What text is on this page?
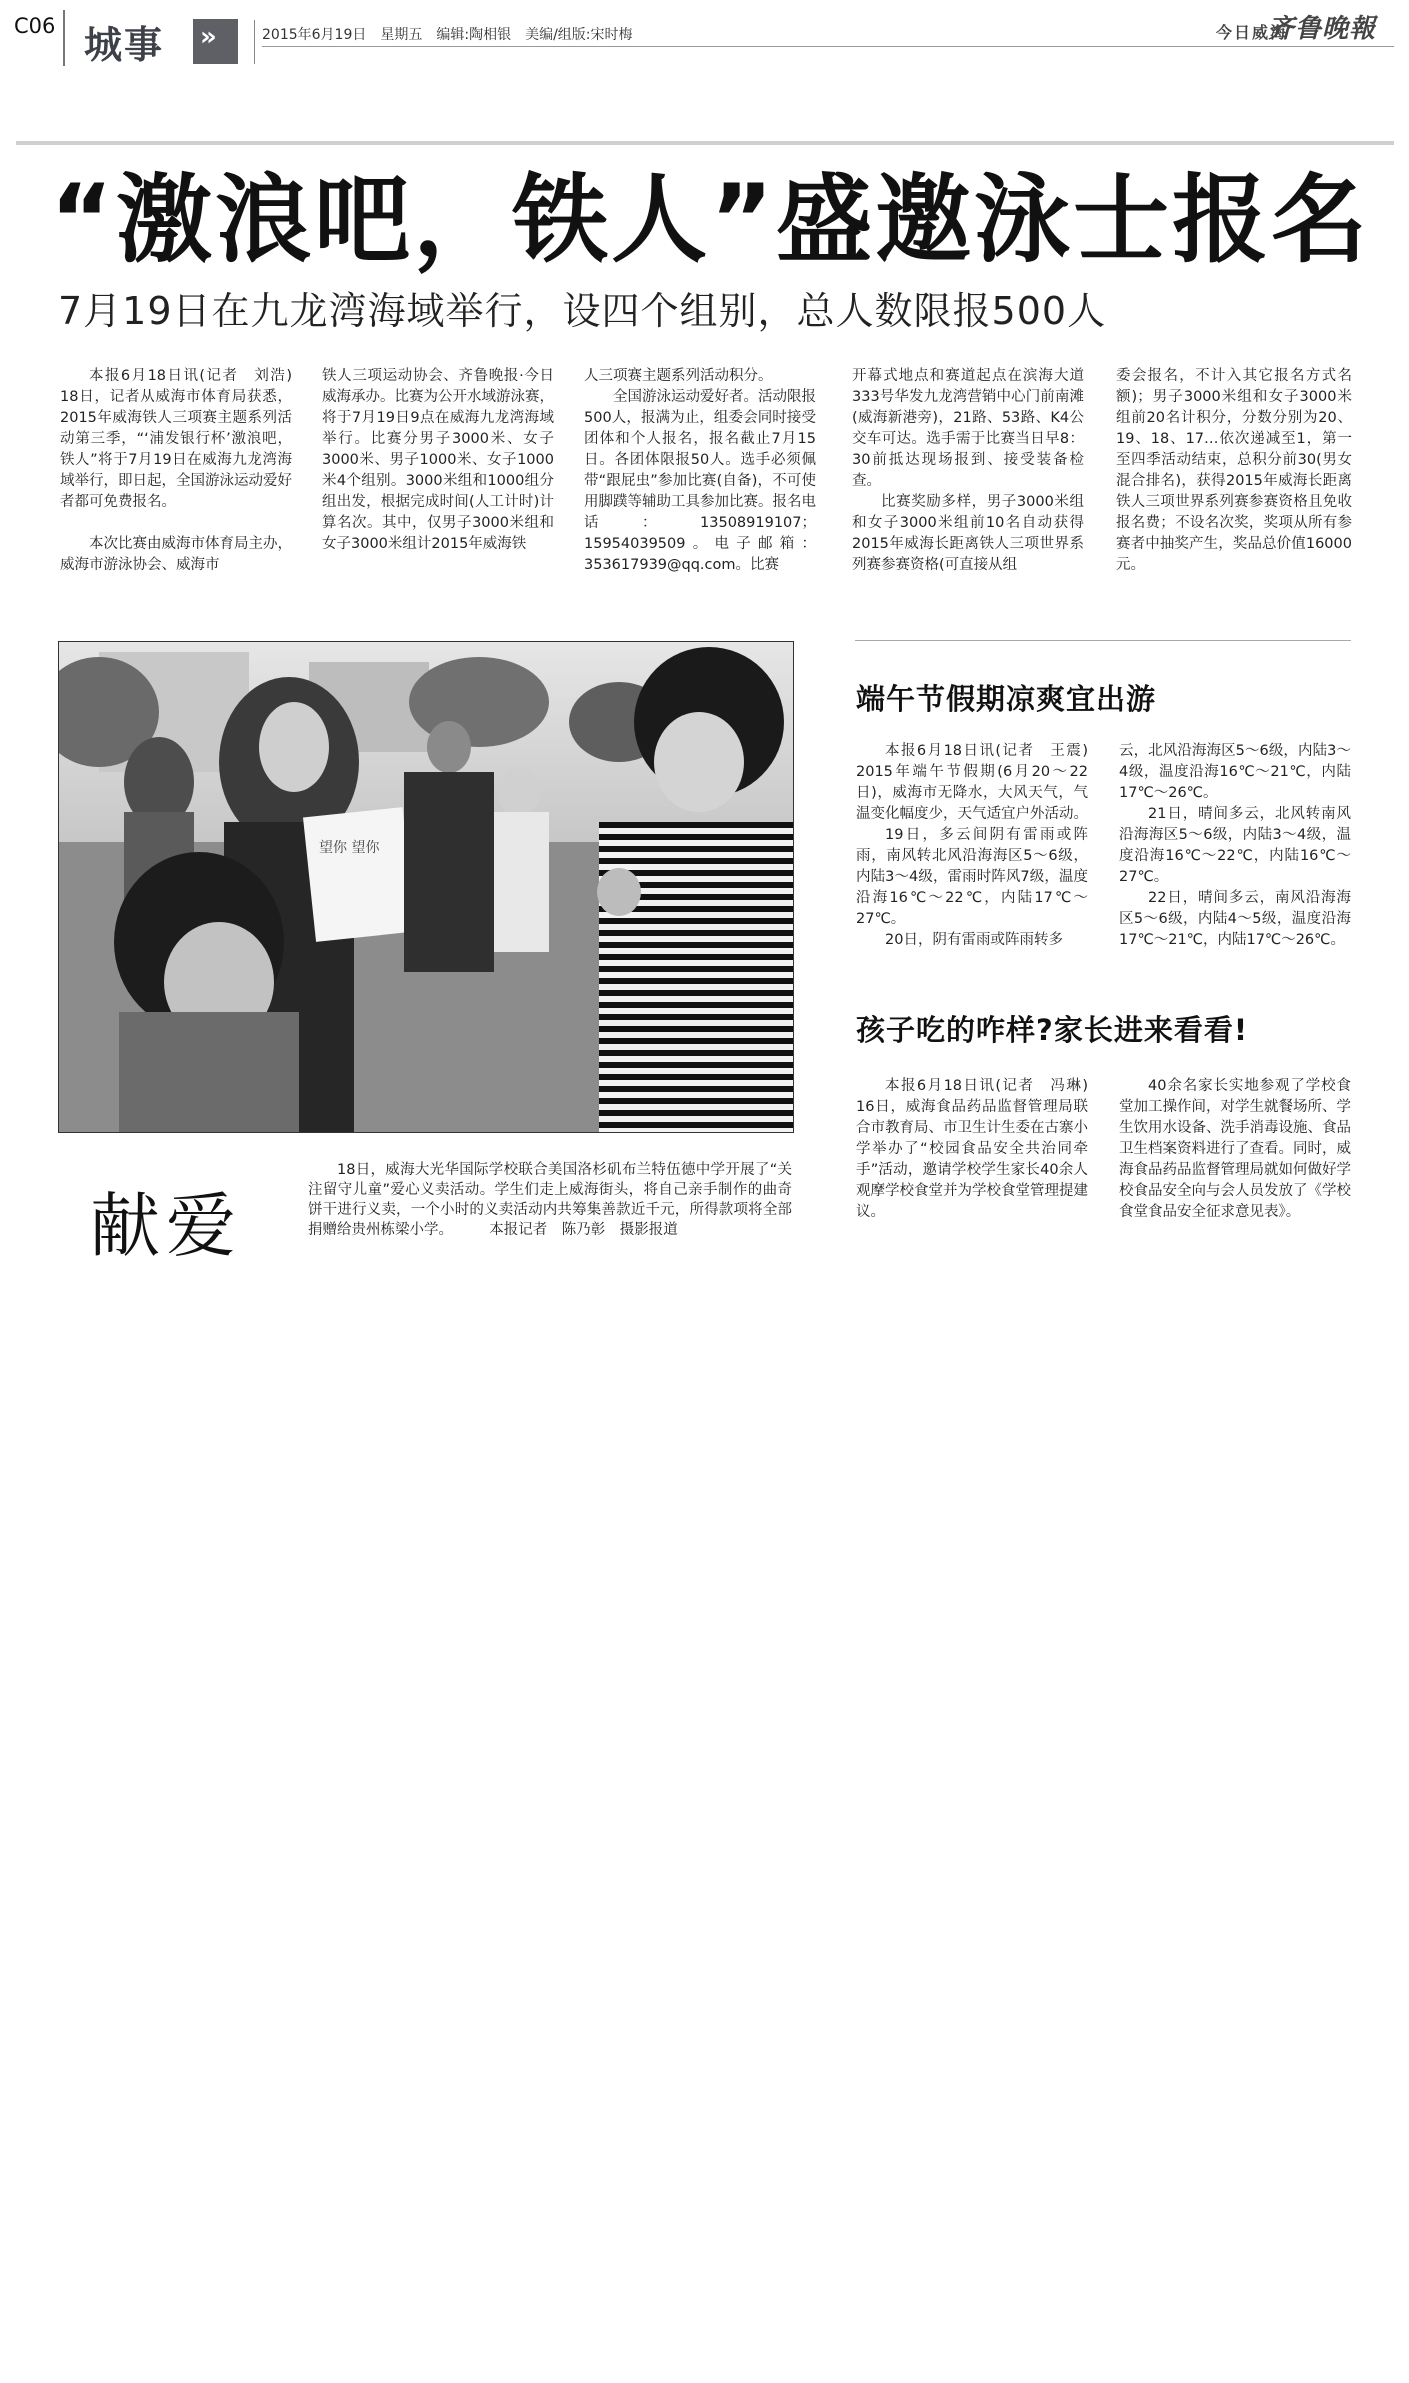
C06 城事 »	2015年6月19日　星期五　编辑:陶相银　美编/组版:宋时梅	今日威海
齐鲁晚報
“激浪吧，铁人”盛邀泳士报名
7月19日在九龙湾海域举行，设四个组别，总人数限报500人

本报6月18日讯(记者　刘浩)　18日，记者从威海市体育局获悉，2015年威海铁人三项赛主题系列活动第三季，“‘浦发银行杯’激浪吧，铁人”将于7月19日在威海九龙湾海域举行，即日起，全国游泳运动爱好者都可免费报名。

本次比赛由威海市体育局主办，威海市游泳协会、威海市

铁人三项运动协会、齐鲁晚报·今日威海承办。比赛为公开水域游泳赛，将于7月19日9点在威海九龙湾海域举行。比赛分男子3000米、女子3000米、男子1000米、女子1000米4个组别。3000米组和1000组分组出发，根据完成时间(人工计时)计算名次。其中，仅男子3000米组和女子3000米组计2015年威海铁

人三项赛主题系列活动积分。

全国游泳运动爱好者。活动限报500人，报满为止，组委会同时接受团体和个人报名，报名截止7月15日。各团体限报50人。选手必须佩带“跟屁虫”参加比赛(自备)，不可使用脚蹼等辅助工具参加比赛。报名电话：13508919107；15954039509。电子邮箱：353617939@qq.com。比赛

开幕式地点和赛道起点在滨海大道333号华发九龙湾营销中心门前南滩(威海新港旁)，21路、53路、K4公交车可达。选手需于比赛当日早8：30前抵达现场报到、接受装备检查。

比赛奖励多样，男子3000米组和女子3000米组前10名自动获得2015年威海长距离铁人三项世界系列赛参赛资格(可直接从组

委会报名，不计入其它报名方式名额)；男子3000米组和女子3000米组前20名计积分，分数分别为20、19、18、17…依次递减至1，第一至四季活动结束，总积分前30(男女混合排名)，获得2015年威海长距离铁人三项世界系列赛参赛资格且免收报名费；不设名次奖，奖项从所有参赛者中抽奖产生，奖品总价值16000元。

望你 望你
献爱

18日，威海大光华国际学校联合美国洛杉矶布兰特伍德中学开展了“关注留守儿童”爱心义卖活动。学生们走上威海街头，将自己亲手制作的曲奇饼干进行义卖，一个小时的义卖活动内共筹集善款近千元，所得款项将全部捐赠给贵州栋梁小学。　　　本报记者　陈乃彰　摄影报道

端午节假期凉爽宜出游

本报6月18日讯(记者　王震)　2015年端午节假期(6月20～22日)，威海市无降水，大风天气，气温变化幅度少，天气适宜户外活动。

19日，多云间阴有雷雨或阵雨，南风转北风沿海海区5～6级，内陆3～4级，雷雨时阵风7级，温度沿海16℃～22℃，内陆17℃～27℃。

20日，阴有雷雨或阵雨转多

云，北风沿海海区5～6级，内陆3～4级，温度沿海16℃～21℃，内陆17℃～26℃。

21日，晴间多云，北风转南风沿海海区5～6级，内陆3～4级，温度沿海16℃～22℃，内陆16℃～27℃。

22日，晴间多云，南风沿海海区5～6级，内陆4～5级，温度沿海17℃～21℃，内陆17℃～26℃。

孩子吃的咋样?家长进来看看!

本报6月18日讯(记者　冯琳)　16日，威海食品药品监督管理局联合市教育局、市卫生计生委在古寨小学举办了“校园食品安全共治同牵手”活动，邀请学校学生家长40余人观摩学校食堂并为学校食堂管理提建议。

40余名家长实地参观了学校食堂加工操作间，对学生就餐场所、学生饮用水设备、洗手消毒设施、食品卫生档案资料进行了查看。同时，威海食品药品监督管理局就如何做好学校食品安全向与会人员发放了《学校食堂食品安全征求意见表》。
